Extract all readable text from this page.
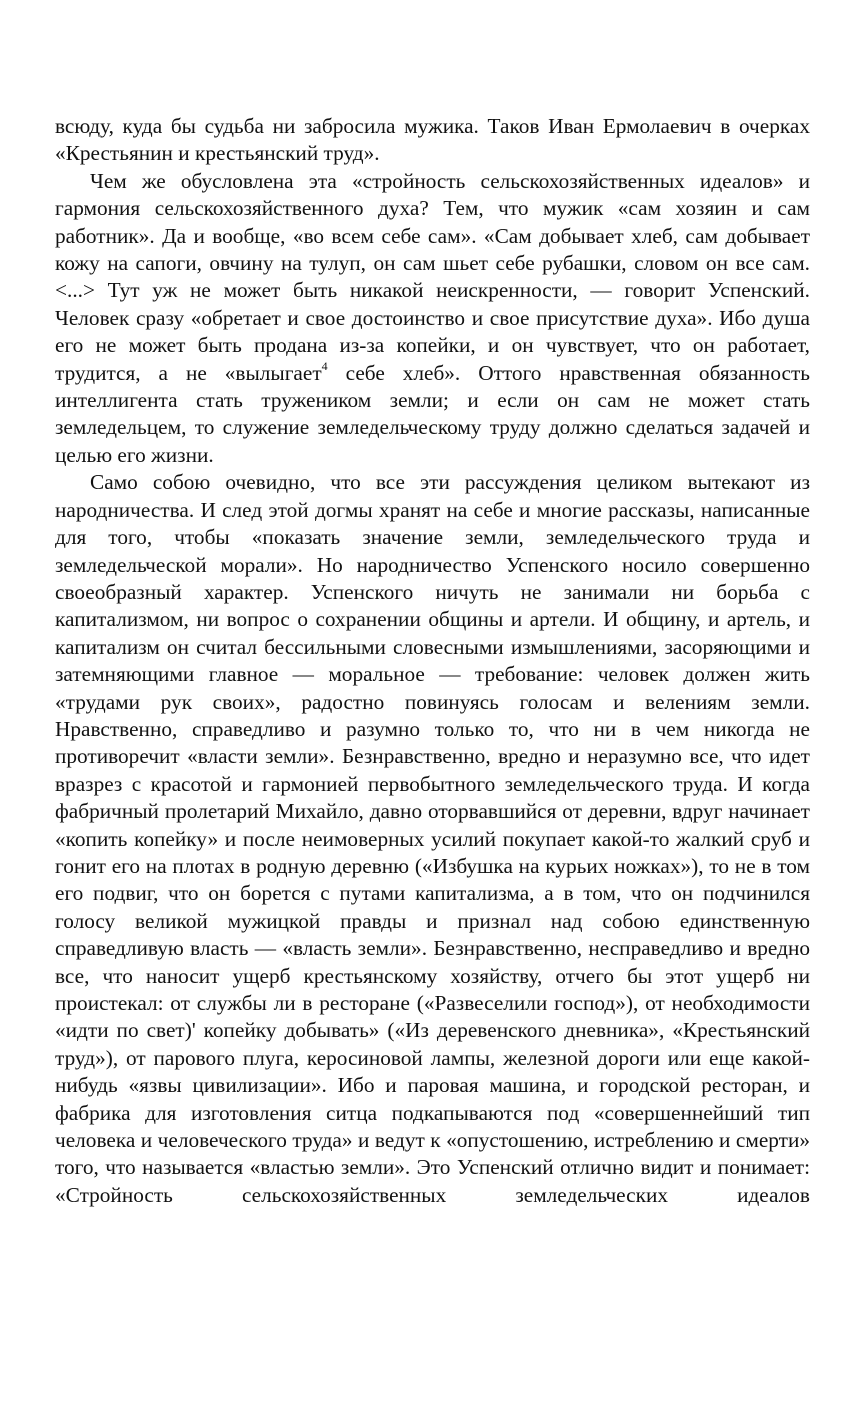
всюду, куда бы судьба ни забросила мужика. Таков Иван Ермолаевич в очерках «Крестьянин и крестьянский труд».

Чем же обусловлена эта «стройность сельскохозяйственных идеалов» и гармония сельскохозяйственного духа? Тем, что мужик «сам хозяин и сам работник». Да и вообще, «во всем себе сам». «Сам добывает хлеб, сам добывает кожу на сапоги, овчину на тулуп, он сам шьет себе рубашки, словом он все сам. <...> Тут уж не может быть никакой неискренности, — говорит Успенский. Человек сразу «обретает и свое достоинство и свое присутствие духа». Ибо душа его не может быть продана из-за копейки, и он чувствует, что он работает, трудится, а не «вылыгает$^4$ себе хлеб». Оттого нравственная обязанность интеллигента стать тружеником земли; и если он сам не может стать земледельцем, то служение земледельческому труду должно сделаться задачей и целью его жизни.

Само собою очевидно, что все эти рассуждения целиком вытекают из народничества. И след этой догмы хранят на себе и многие рассказы, написанные для того, чтобы «показать значение земли, земледельческого труда и земледельческой морали». Но народничество Успенского носило совершенно своеобразный характер. Успенского ничуть не занимали ни борьба с капитализмом, ни вопрос о сохранении общины и артели. И общину, и артель, и капитализм он считал бессильными словесными измышлениями, засоряющими и затемняющими главное — моральное — требование: человек должен жить «трудами рук своих», радостно повинуясь голосам и велениям земли. Нравственно, справедливо и разумно только то, что ни в чем никогда не противоречит «власти земли». Безнравственно, вредно и неразумно все, что идет вразрез с красотой и гармонией первобытного земледельческого труда. И когда фабричный пролетарий Михайло, давно оторвавшийся от деревни, вдруг начинает «копить копейку» и после неимоверных усилий покупает какой-то жалкий сруб и гонит его на плотах в родную деревню («Избушка на курьих ножках»), то не в том его подвиг, что он борется с путами капитализма, а в том, что он подчинился голосу великой мужицкой правды и признал над собою единственную справедливую власть — «власть земли». Безнравственно, несправедливо и вредно все, что наносит ущерб крестьянскому хозяйству, отчего бы этот ущерб ни проистекал: от службы ли в ресторане («Развеселили господ»), от необходимости «идти по свет)' копейку добывать» («Из деревенского дневника», «Крестьянский труд»), от парового плуга, керосиновой лампы, железной дороги или еще какой- нибудь «язвы цивилизации». Ибо и паровая машина, и городской ресторан, и фабрика для изготовления ситца подкапываются под «совершеннейший тип человека и человеческого труда» и ведут к «опустошению, истреблению и смерти» того, что называется «властью земли». Это Успенский отлично видит и понимает: «Стройность сельскохозяйственных земледельческих идеалов
